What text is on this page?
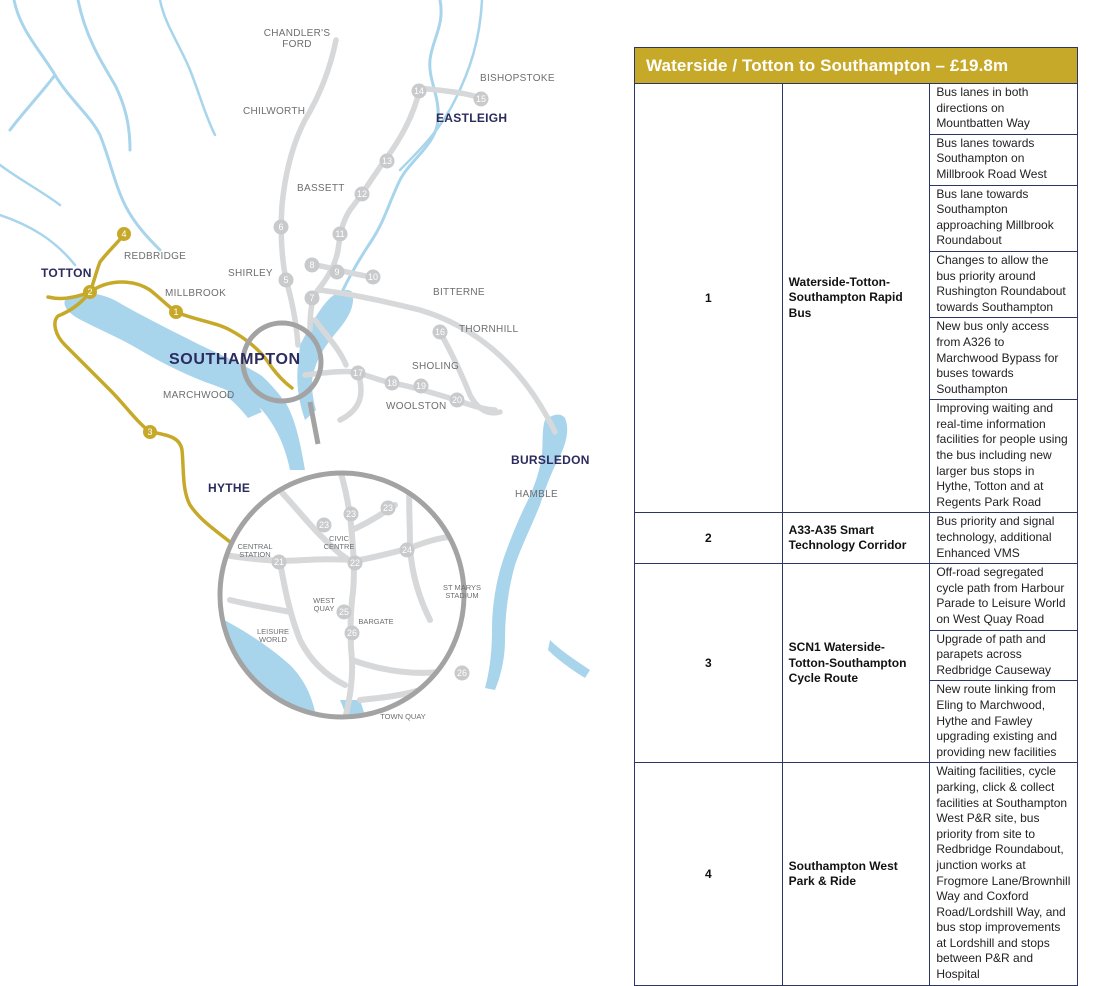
CHANDLER'S
FORD
BISHOPSTOKE
CHILWORTH	EASTLEIGH
BASSETT
REDBRIDGE
TOTTON	SHIRLEY
MILLBROOK	BITTERNE
THORNHILL
SOUTHAMPTON	SHOLING
MARCHWOOD
WOOLSTON
BURSLEDON
HAMBLE
HYTHE
CENTRAL
STATION
CIVIC
CENTRE
WEST
QUAY
BARGATE
ST MARYS
STADIUM
LEISURE
WORLD
TOWN QUAY
1
2
3
4
5
6
7
8
9	10
11
12
13
14
15
16
17
18 19
20
21	22
23
23
23
24
25
26
26
Waterside / Totton to Southampton – £19.8m		
1	Waterside-Totton-Southampton Rapid Bus	Bus lanes in both directions on Mountbatten Way
		Bus lanes towards Southampton on Millbrook Road West
		Bus lane towards Southampton approaching Millbrook Roundabout
		Changes to allow the bus priority around Rushington Roundabout towards Southampton
		New bus only access from A326 to Marchwood Bypass for buses towards Southampton
		Improving waiting and real-time information facilities for people using the bus including new larger bus stops in Hythe, Totton and at Regents Park Road
2	A33-A35 Smart Technology Corridor	Bus priority and signal technology, additional Enhanced VMS
3	SCN1 Waterside-Totton-Southampton Cycle Route	Off-road segregated cycle path from Harbour Parade to Leisure World on West Quay Road
		Upgrade of path and parapets across Redbridge Causeway
		New route linking from Eling to Marchwood, Hythe and Fawley upgrading existing and providing new facilities
4	Southampton West Park & Ride	Waiting facilities, cycle parking, click & collect facilities at Southampton West P&R site, bus priority from site to Redbridge Roundabout, junction works at Frogmore Lane/Brownhill Way and Coxford Road/Lordshill Way, and bus stop improvements at Lordshill and stops between P&R and Hospital
